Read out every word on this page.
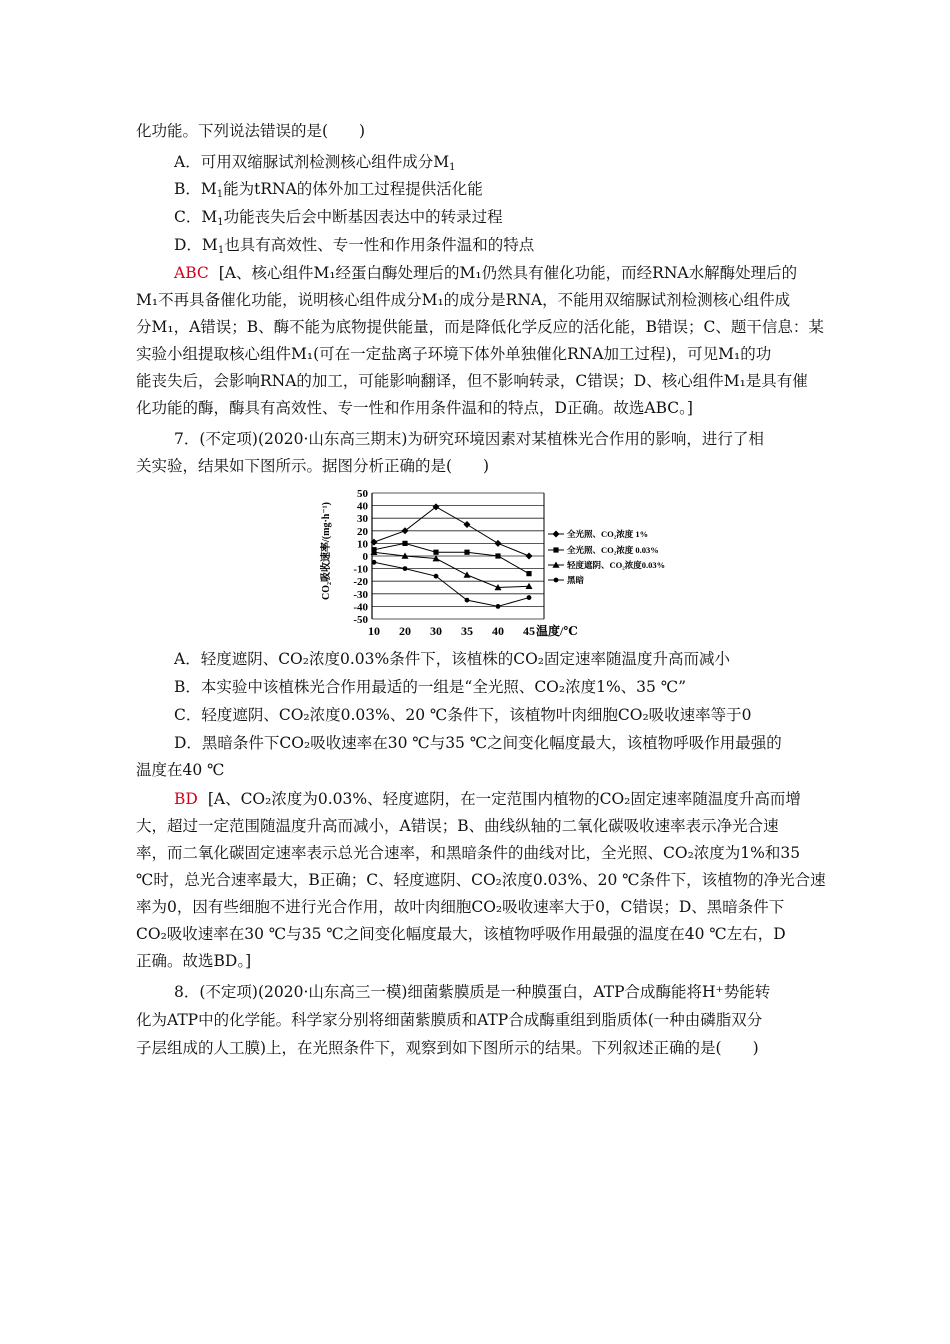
化功能。下列说法错误的是(　　)
A．可用双缩脲试剂检测核心组件成分$M_1$
B．$M_1$能为tRNA的体外加工过程提供活化能
C．$M_1$功能丧失后会中断基因表达中的转录过程
D．$M_1$也具有高效性、专一性和作用条件温和的特点
ABC [A、核心组件M₁经蛋白酶处理后的M₁仍然具有催化功能，而经RNA水解酶处理后的
M₁不再具备催化功能，说明核心组件成分M₁的成分是RNA，不能用双缩脲试剂检测核心组件成
分M₁，A错误；B、酶不能为底物提供能量，而是降低化学反应的活化能，B错误；C、题干信息：某
实验小组提取核心组件M₁(可在一定盐离子环境下体外单独催化RNA加工过程)，可见M₁的功
能丧失后，会影响RNA的加工，可能影响翻译，但不影响转录，C错误；D、核心组件M₁是具有催
化功能的酶，酶具有高效性、专一性和作用条件温和的特点，D正确。故选ABC。]
7．(不定项)(2020·山东高三期末)为研究环境因素对某植株光合作用的影响，进行了相
关实验，结果如下图所示。据图分析正确的是(　　)
50
40
30
20
10
0
-10
-20
-30
-40
-50
10 20 30 35 40 45
全光照、CO₂浓度 1%
全光照、CO₂浓度 0.03%
轻度遮阴、CO₂浓度0.03%
黑暗
CO₂吸收速率/(mg·h⁻¹)
温度/℃
A．轻度遮阴、CO₂浓度0.03%条件下，该植株的CO₂固定速率随温度升高而减小
B．本实验中该植株光合作用最适的一组是“全光照、CO₂浓度1%、35 ℃”
C．轻度遮阴、CO₂浓度0.03%、20 ℃条件下，该植物叶肉细胞CO₂吸收速率等于0
D．黑暗条件下CO₂吸收速率在30 ℃与35 ℃之间变化幅度最大，该植物呼吸作用最强的
温度在40 ℃
BD [A、CO₂浓度为0.03%、轻度遮阴，在一定范围内植物的CO₂固定速率随温度升高而增
大，超过一定范围随温度升高而减小，A错误；B、曲线纵轴的二氧化碳吸收速率表示净光合速
率，而二氧化碳固定速率表示总光合速率，和黑暗条件的曲线对比，全光照、CO₂浓度为1%和35
℃时，总光合速率最大，B正确；C、轻度遮阴、CO₂浓度0.03%、20 ℃条件下，该植物的净光合速
率为0，因有些细胞不进行光合作用，故叶肉细胞CO₂吸收速率大于0，C错误；D、黑暗条件下
CO₂吸收速率在30 ℃与35 ℃之间变化幅度最大，该植物呼吸作用最强的温度在40 ℃左右，D
正确。故选BD。]
8．(不定项)(2020·山东高三一模)细菌紫膜质是一种膜蛋白，ATP合成酶能将H⁺势能转
化为ATP中的化学能。科学家分别将细菌紫膜质和ATP合成酶重组到脂质体(一种由磷脂双分
子层组成的人工膜)上，在光照条件下，观察到如下图所示的结果。下列叙述正确的是(　　)
